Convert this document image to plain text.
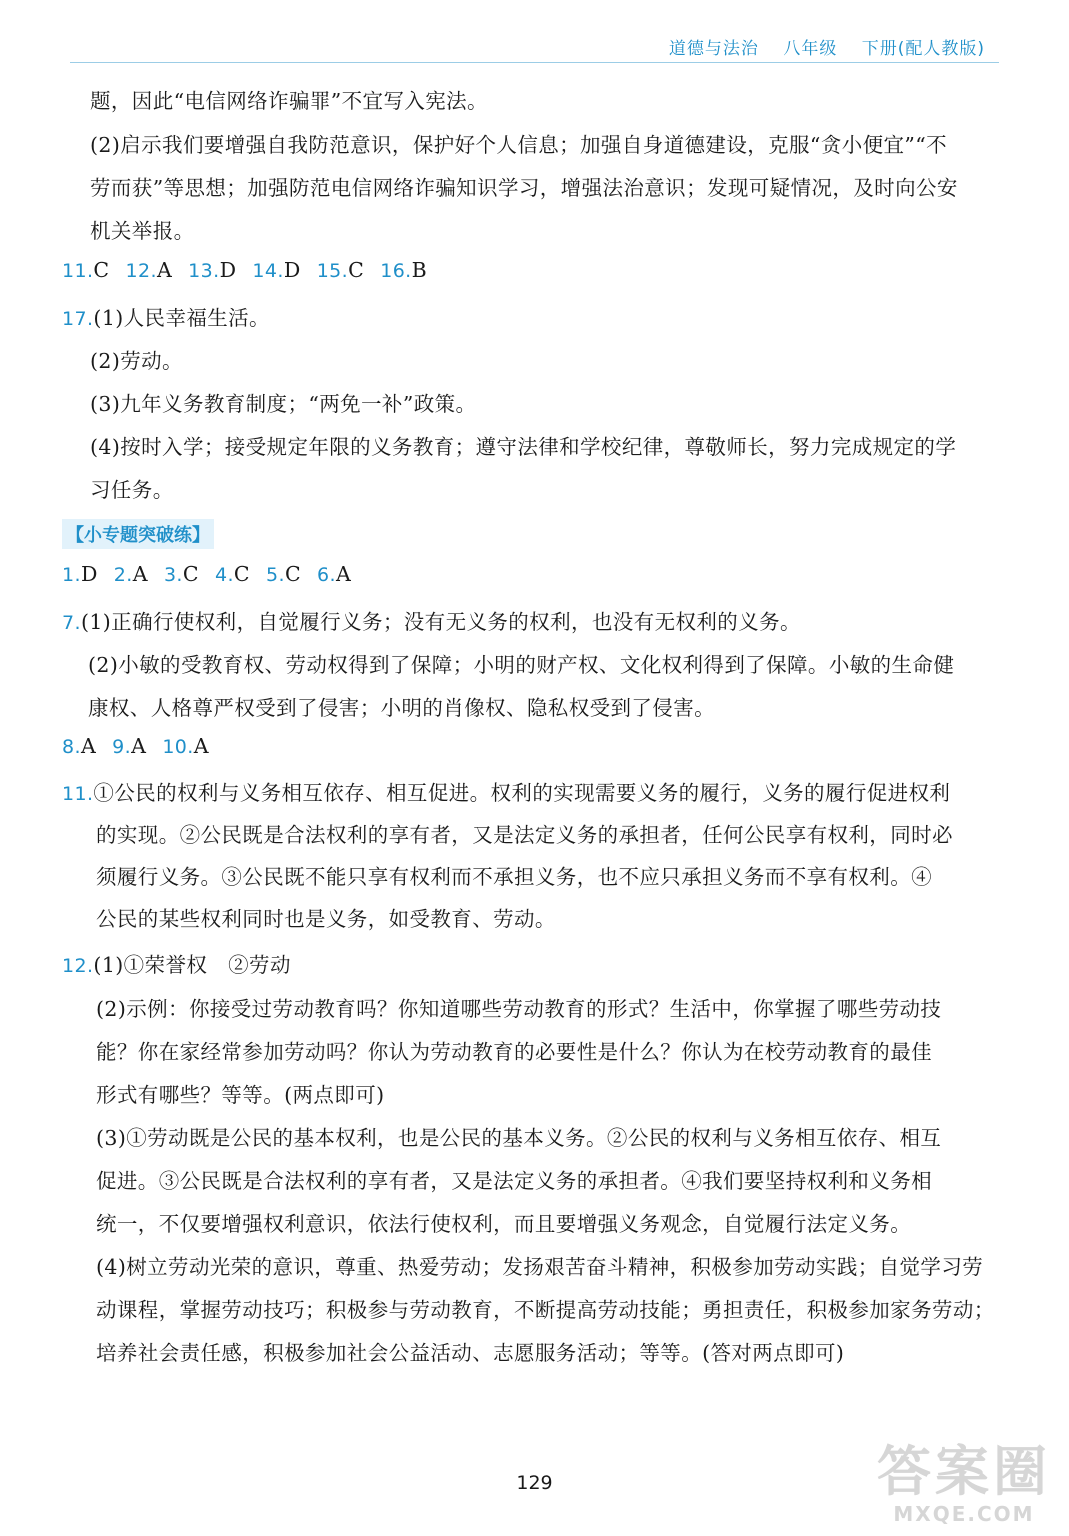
道德与法治 八年级 下册(配人教版)
题，因此“电信网络诈骗罪”不宜写入宪法。
(2)启示我们要增强自我防范意识，保护好个人信息；加强自身道德建设，克服“贪小便宜”“不
劳而获”等思想；加强防范电信网络诈骗知识学习，增强法治意识；发现可疑情况，及时向公安
机关举报。
11.C 12.A 13.D 14.D 15.C 16.B
17.(1)人民幸福生活。
(2)劳动。
(3)九年义务教育制度；“两免一补”政策。
(4)按时入学；接受规定年限的义务教育；遵守法律和学校纪律，尊敬师长，努力完成规定的学
习任务。
1.D 2.A 3.C 4.C 5.C 6.A
7.(1)正确行使权利，自觉履行义务；没有无义务的权利，也没有无权利的义务。
(2)小敏的受教育权、劳动权得到了保障；小明的财产权、文化权利得到了保障。小敏的生命健
康权、人格尊严权受到了侵害；小明的肖像权、隐私权受到了侵害。
8.A 9.A 10.A
11.①公民的权利与义务相互依存、相互促进。权利的实现需要义务的履行，义务的履行促进权利
的实现。②公民既是合法权利的享有者，又是法定义务的承担者，任何公民享有权利，同时必
须履行义务。③公民既不能只享有权利而不承担义务，也不应只承担义务而不享有权利。④
公民的某些权利同时也是义务，如受教育、劳动。
12.(1)①荣誉权　②劳动
(2)示例：你接受过劳动教育吗？你知道哪些劳动教育的形式？生活中，你掌握了哪些劳动技
能？你在家经常参加劳动吗？你认为劳动教育的必要性是什么？你认为在校劳动教育的最佳
形式有哪些？等等。(两点即可)
(3)①劳动既是公民的基本权利，也是公民的基本义务。②公民的权利与义务相互依存、相互
促进。③公民既是合法权利的享有者，又是法定义务的承担者。④我们要坚持权利和义务相
统一，不仅要增强权利意识，依法行使权利，而且要增强义务观念，自觉履行法定义务。
(4)树立劳动光荣的意识，尊重、热爱劳动；发扬艰苦奋斗精神，积极参加劳动实践；自觉学习劳
动课程，掌握劳动技巧；积极参与劳动教育，不断提高劳动技能；勇担责任，积极参加家务劳动；
培养社会责任感，积极参加社会公益活动、志愿服务活动；等等。(答对两点即可)
【小专题突破练】
129	答案圈
MXQE.COM
